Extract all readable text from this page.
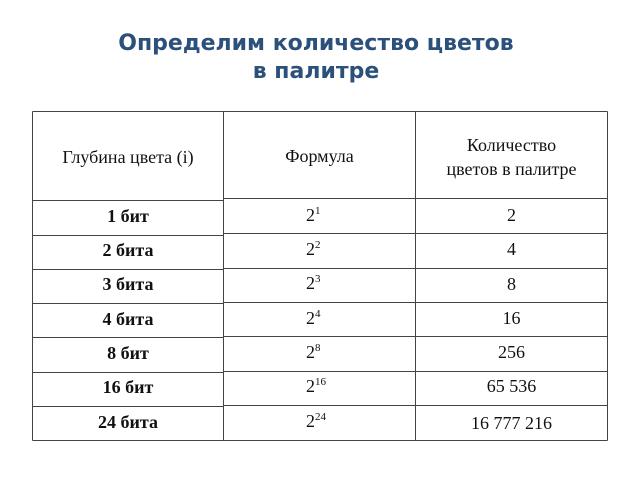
Определим количество цветов
в палитре
Глубина цвета (i)	Формула
Количество
цветов в палитре
1 бит	$2^1$	2
2 бита	$2^2$	4
3 бита	$2^3$	8
4 бита	$2^4$	16
8 бит	$2^8$	256
16 бит	$2^{16}$	65 536
24 бита	$2^{24}$	16 777 216
